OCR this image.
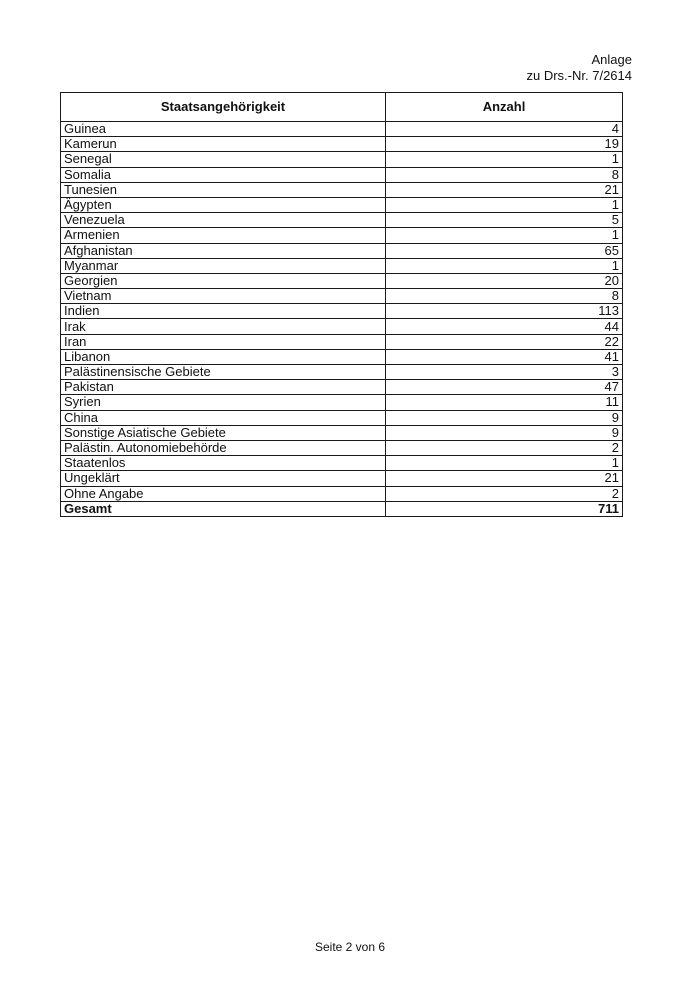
Anlage
zu Drs.-Nr. 7/2614
Staatsangehörigkeit	Anzahl
Guinea	4
Kamerun	19
Senegal	1
Somalia	8
Tunesien	21
Ägypten	1
Venezuela	5
Armenien	1
Afghanistan	65
Myanmar	1
Georgien	20
Vietnam	8
Indien	113
Irak	44
Iran	22
Libanon	41
Palästinensische Gebiete	3
Pakistan	47
Syrien	11
China	9
Sonstige Asiatische Gebiete	9
Palästin. Autonomiebehörde	2
Staatenlos	1
Ungeklärt	21
Ohne Angabe	2
Gesamt	711
Seite 2 von 6
